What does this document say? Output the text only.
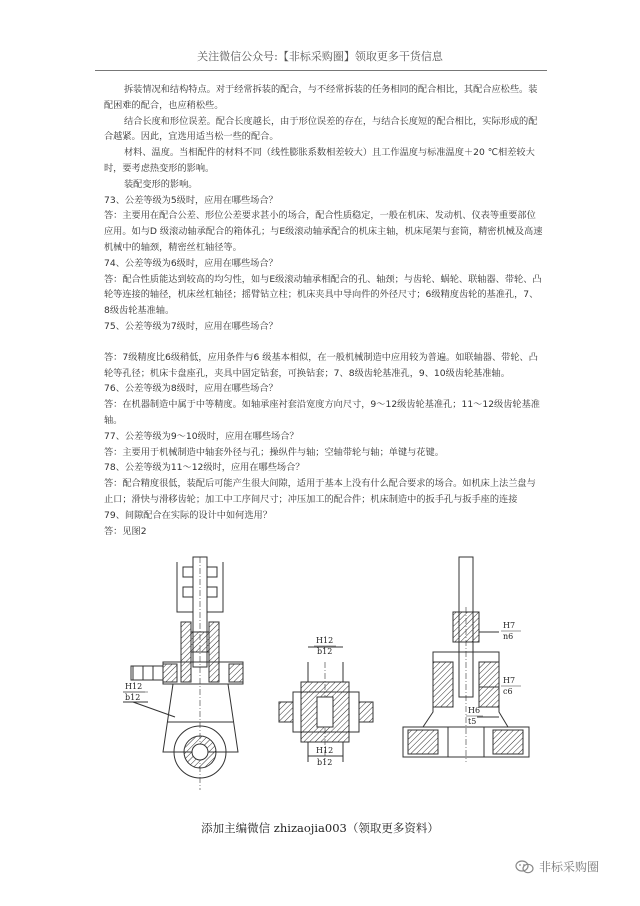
关注微信公众号:【非标采购圈】领取更多干货信息

拆装情况和结构特点。对于经常拆装的配合，与不经常拆装的任务相同的配合相比，其配合应松些。装配困难的配合，也应稍松些。

结合长度和形位误差。配合长度越长，由于形位误差的存在，与结合长度短的配合相比，实际形成的配合越紧。因此，宜选用适当松一些的配合。

材料、温度。当相配件的材料不同（线性膨胀系数相差较大）且工作温度与标准温度＋20 ℃相差较大时，要考虑热变形的影响。

装配变形的影响。

73、公差等级为5级时，应用在哪些场合？

答：主要用在配合公差、形位公差要求甚小的场合，配合性质稳定，一般在机床、发动机、仪表等重要部位应用。如与D 级滚动轴承配合的箱体孔；与E级滚动轴承配合的机床主轴，机床尾架与套筒，精密机械及高速机械中的轴颈，精密丝杠轴径等。

74、公差等级为6级时，应用在哪些场合？

答：配合性质能达到较高的均匀性，如与E级滚动轴承相配合的孔、轴颈；与齿轮、蜗轮、联轴器、带轮、凸轮等连接的轴径，机床丝杠轴径；摇臂钻立柱；机床夹具中导向件的外径尺寸；6级精度齿轮的基准孔，7、8级齿轮基准轴。

75、公差等级为7级时，应用在哪些场合？

答：7级精度比6级稍低，应用条件与6 级基本相似，在一般机械制造中应用较为普遍。如联轴器、带轮、凸轮等孔径；机床卡盘座孔，夹具中固定钻套，可换钻套；7、8级齿轮基准孔，9、10级齿轮基准轴。

76、公差等级为8级时，应用在哪些场合？

答：在机器制造中属于中等精度。如轴承座衬套沿宽度方向尺寸，9～12级齿轮基准孔；11～12级齿轮基准轴。

77、公差等级为9～10级时，应用在哪些场合？

答：主要用于机械制造中轴套外径与孔；操纵件与轴；空轴带轮与轴；单键与花键。

78、公差等级为11～12级时，应用在哪些场合？

答：配合精度很低，装配后可能产生很大间隙，适用于基本上没有什么配合要求的场合。如机床上法兰盘与止口；滑快与滑移齿轮；加工中工序间尺寸；冲压加工的配合件；机床制造中的扳手孔与扳手座的连接

79、间隙配合在实际的设计中如何选用？

答：见图2

H12
b12
H12
b12
H12
b12
H7
n6
H7
c6
H6
t5
添加主编微信 zhizaojia003（领取更多资料）
非标采购圈
